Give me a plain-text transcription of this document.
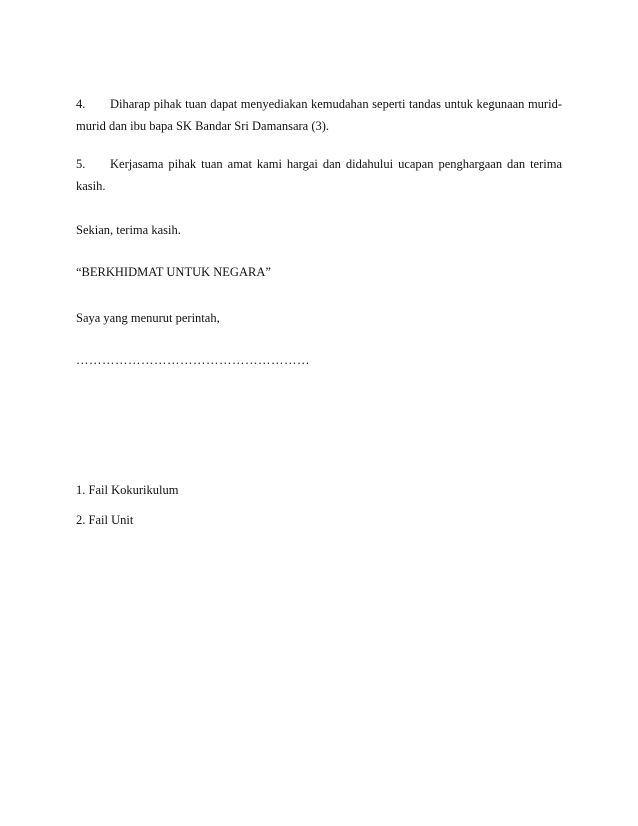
4. Diharap pihak tuan dapat menyediakan kemudahan seperti tandas untuk kegunaan murid-
murid dan ibu bapa SK Bandar Sri Damansara (3).
5. Kerjasama pihak tuan amat kami hargai dan didahului ucapan penghargaan dan terima
kasih.
Sekian, terima kasih.
“BERKHIDMAT UNTUK NEGARA”
Saya yang menurut perintah,
………………………………………………
1. Fail Kokurikulum
2. Fail Unit
